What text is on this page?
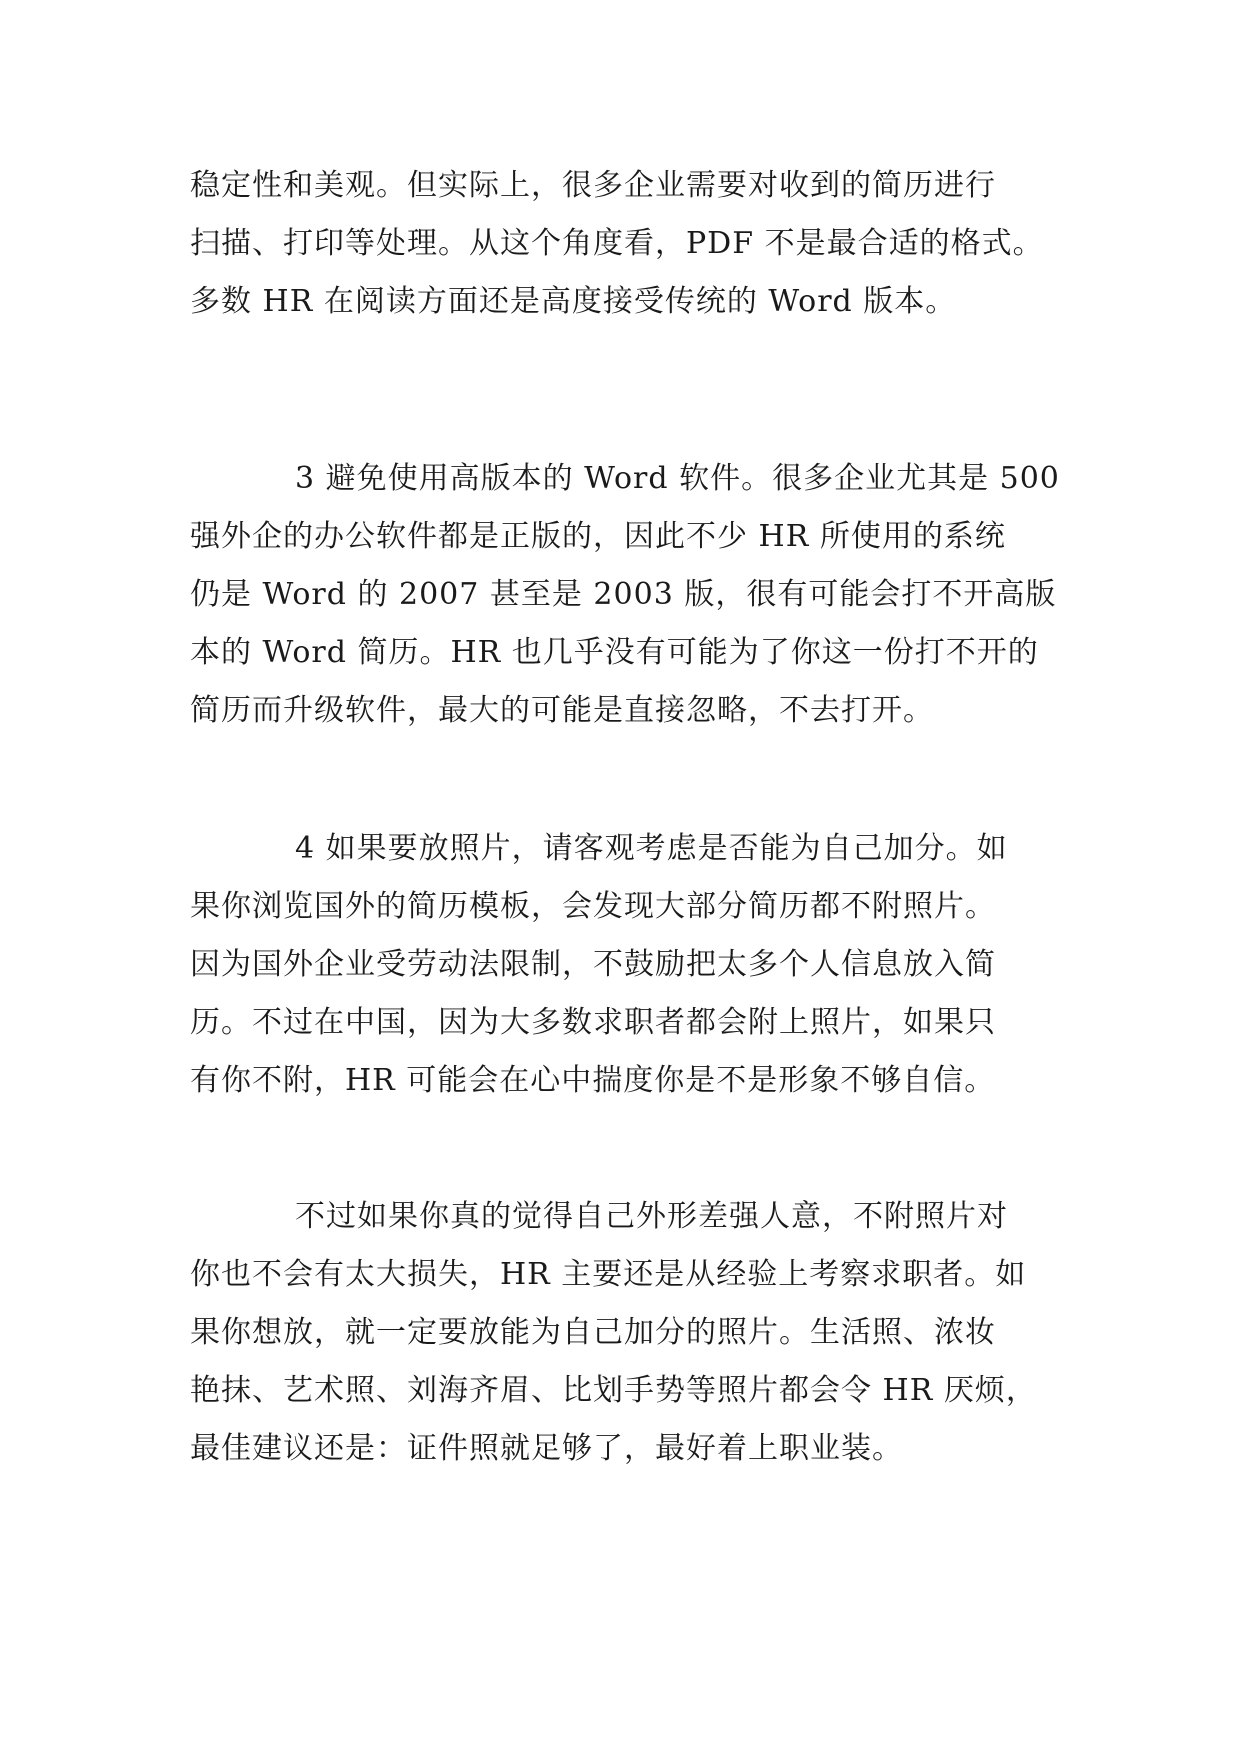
稳定性和美观。但实际上，很多企业需要对收到的简历进行
扫描、打印等处理。从这个角度看，PDF 不是最合适的格式。
多数 HR 在阅读方面还是高度接受传统的 Word 版本。

3 避免使用高版本的 Word 软件。很多企业尤其是 500
强外企的办公软件都是正版的，因此不少 HR 所使用的系统
仍是 Word 的 2007 甚至是 2003 版，很有可能会打不开高版
本的 Word 简历。HR 也几乎没有可能为了你这一份打不开的
简历而升级软件，最大的可能是直接忽略，不去打开。

4 如果要放照片，请客观考虑是否能为自己加分。如
果你浏览国外的简历模板，会发现大部分简历都不附照片。
因为国外企业受劳动法限制，不鼓励把太多个人信息放入简
历。不过在中国，因为大多数求职者都会附上照片，如果只
有你不附，HR 可能会在心中揣度你是不是形象不够自信。

不过如果你真的觉得自己外形差强人意，不附照片对
你也不会有太大损失，HR 主要还是从经验上考察求职者。如
果你想放，就一定要放能为自己加分的照片。生活照、浓妆
艳抹、艺术照、刘海齐眉、比划手势等照片都会令 HR 厌烦，
最佳建议还是：证件照就足够了，最好着上职业装。
